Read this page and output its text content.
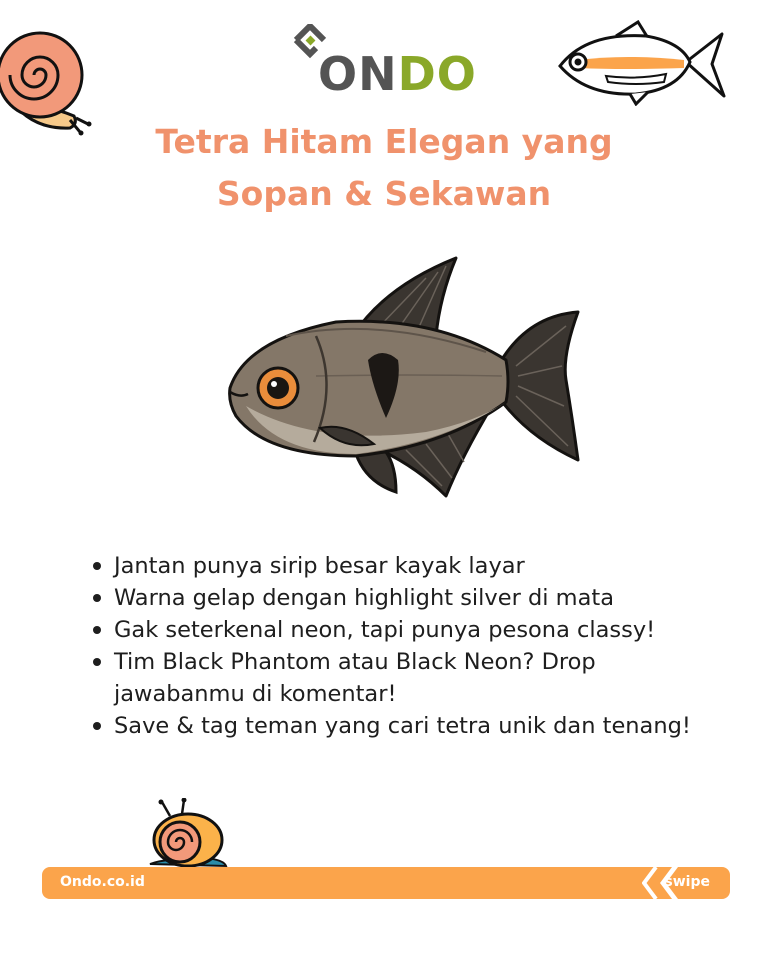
ONDO

Tetra Hitam Elegan yang
Sopan & Sekawan
Jantan punya sirip besar kayak layar
Warna gelap dengan highlight silver di mata
Gak seterkenal neon, tapi punya pesona classy!
Tim Black Phantom atau Black Neon? Drop jawabanmu di komentar!
Save & tag teman yang cari tetra unik dan tenang!
Ondo.co.id	swipe
